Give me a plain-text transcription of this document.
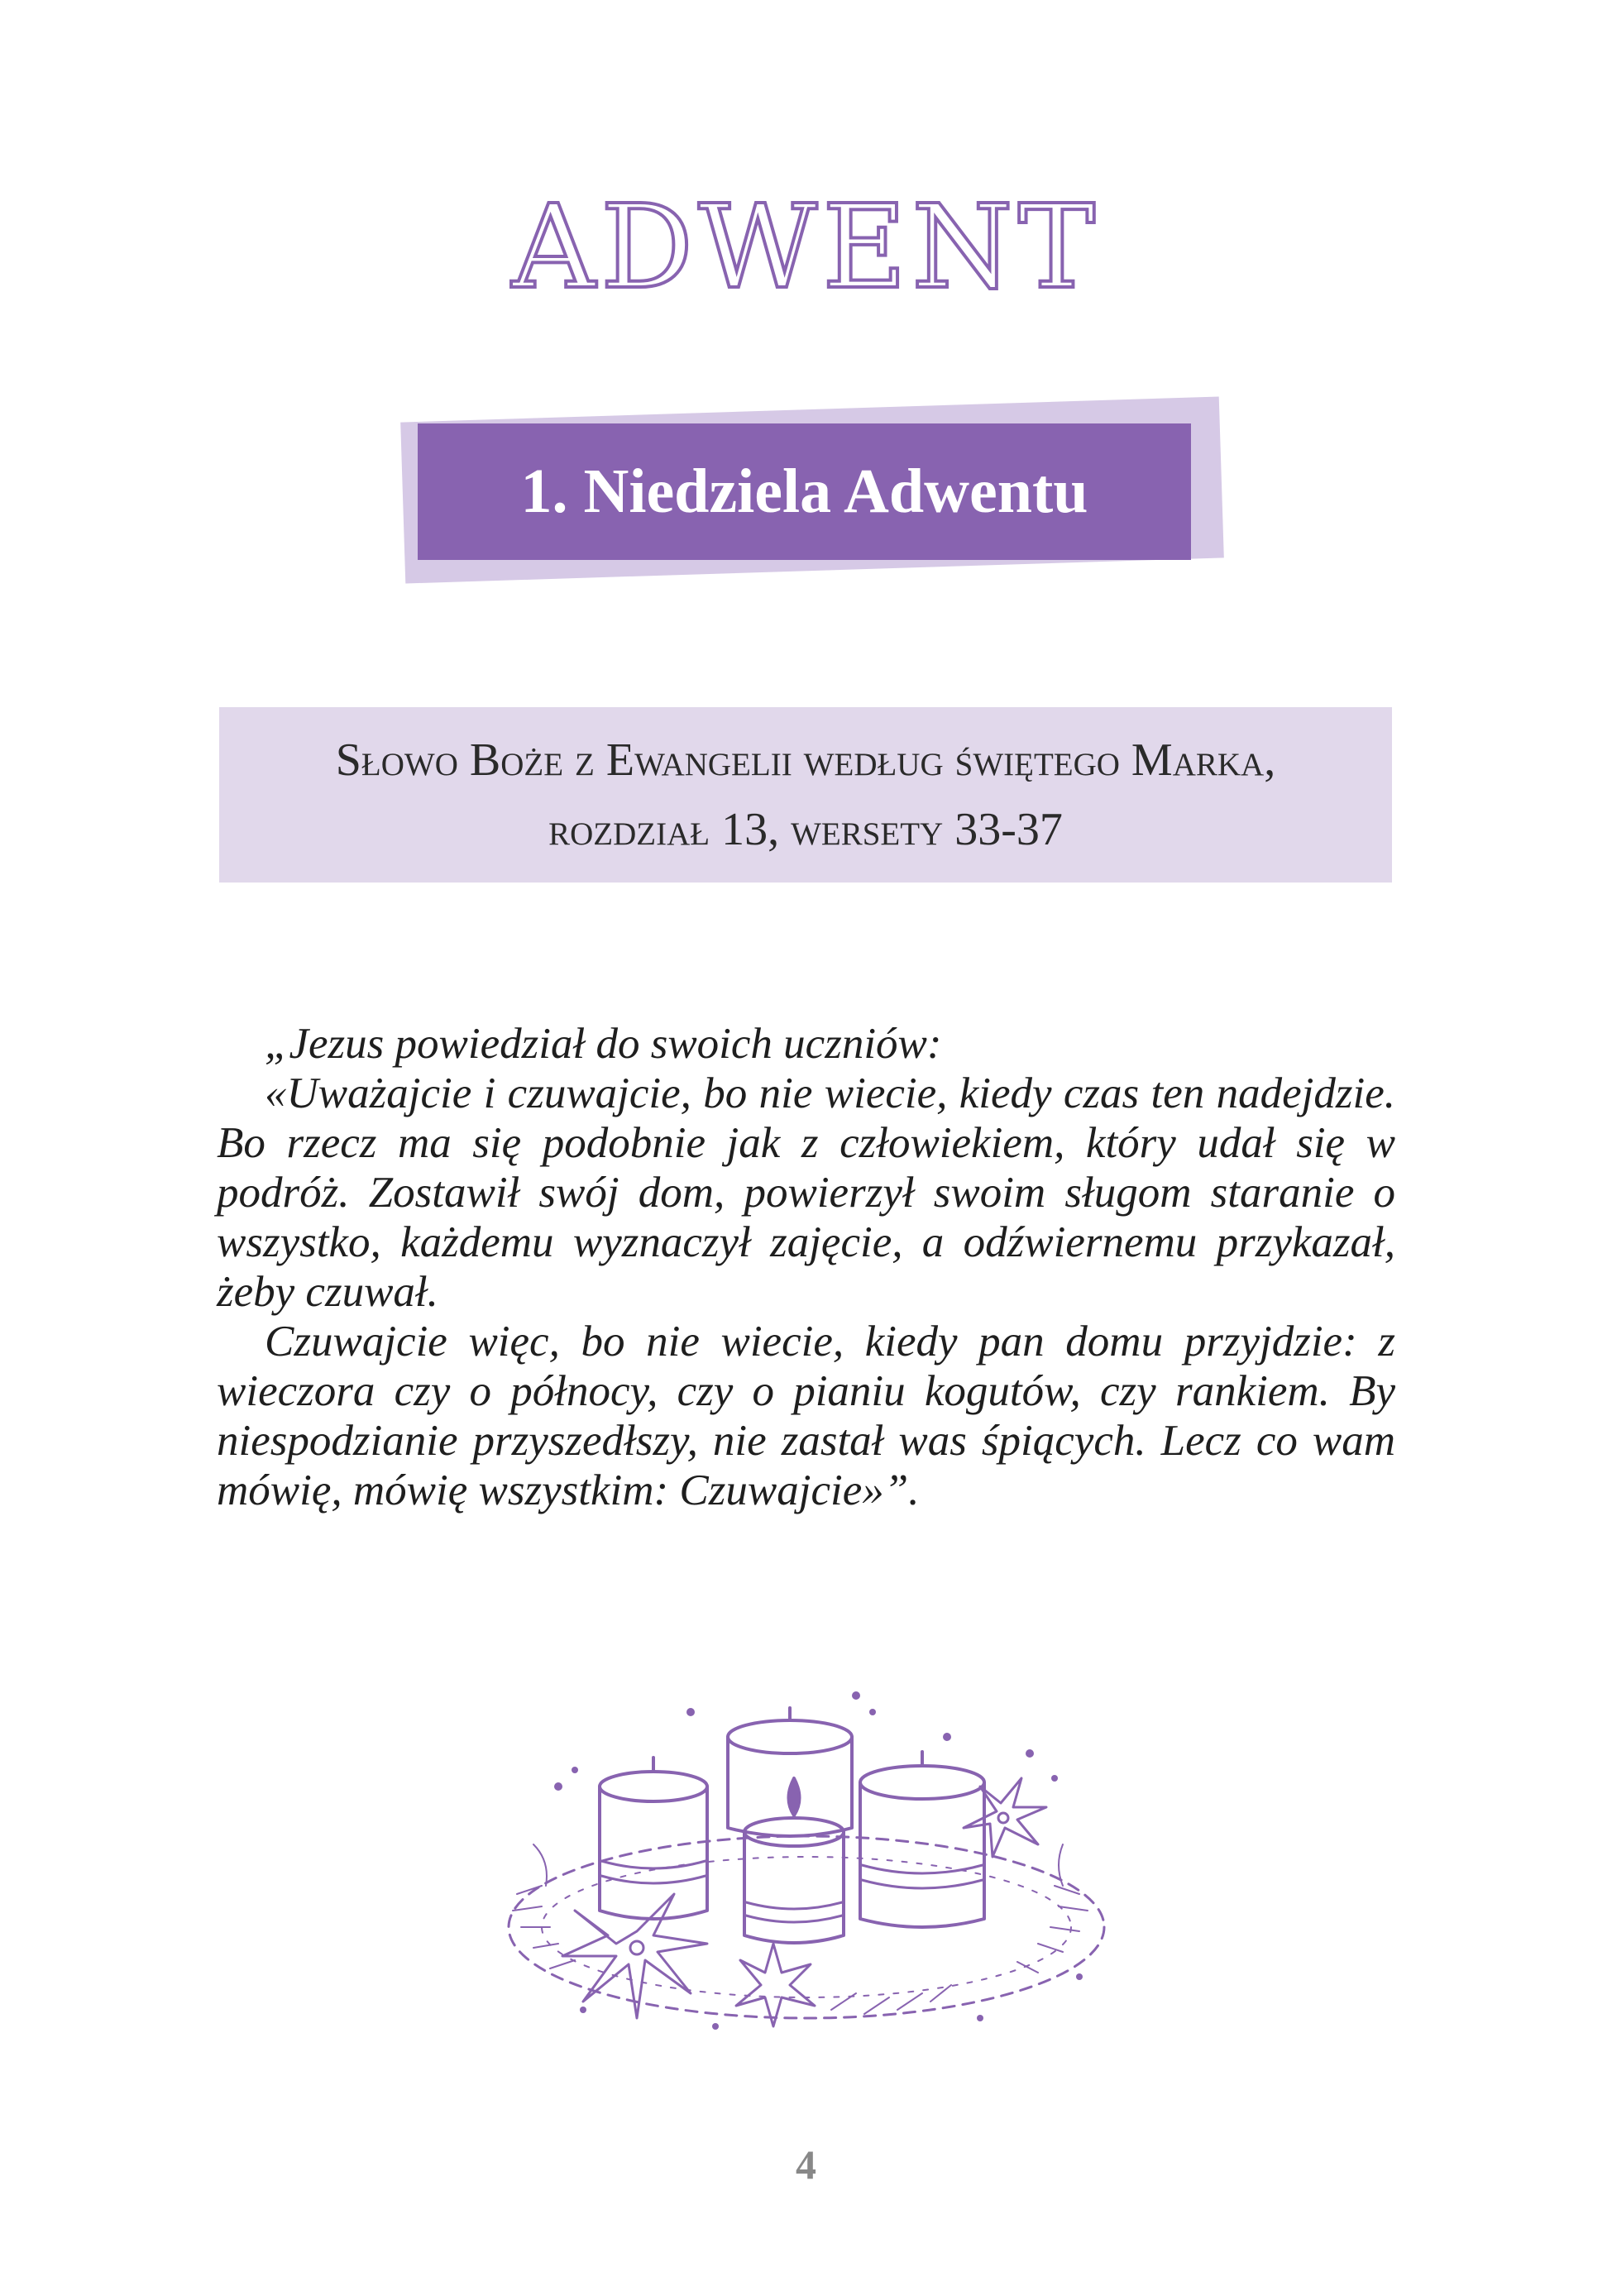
ADWENT
1. Niedziela Adwentu
Słowo Boże z Ewangelii według świętego Marka,
rozdział 13, wersety 33-37

„Jezus powiedział do swoich uczniów:

«Uważajcie i czuwajcie, bo nie wiecie, kiedy czas ten nadejdzie. Bo rzecz ma się podobnie jak z człowiekiem, który udał się w podróż. Zostawił swój dom, powierzył swoim sługom staranie o wszystko, każdemu wyznaczył zajęcie, a odźwiernemu przykazał, żeby czuwał.

Czuwajcie więc, bo nie wiecie, kiedy pan domu przyjdzie: z wieczora czy o północy, czy o pianiu kogutów, czy rankiem. By niespodzianie przyszedłszy, nie zastał was śpiących. Lecz co wam mówię, mówię wszystkim: Czuwajcie»”.

4
